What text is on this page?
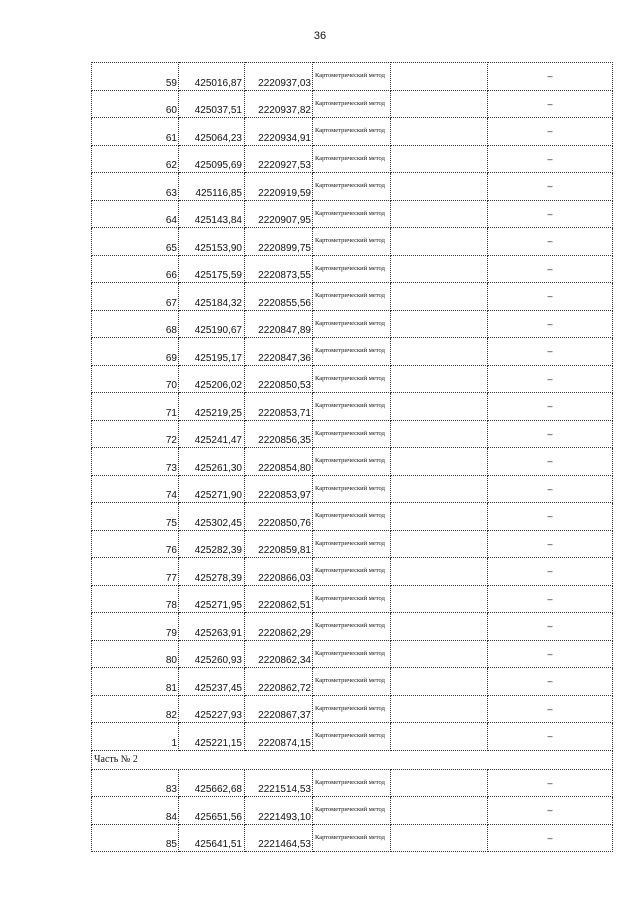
36
59	425016,87	2220937,03	Картометрический метод		–
60	425037,51	2220937,82	Картометрический метод		–
61	425064,23	2220934,91	Картометрический метод		–
62	425095,69	2220927,53	Картометрический метод		–
63	425116,85	2220919,59	Картометрический метод		–
64	425143,84	2220907,95	Картометрический метод		–
65	425153,90	2220899,75	Картометрический метод		–
66	425175,59	2220873,55	Картометрический метод		–
67	425184,32	2220855,56	Картометрический метод		–
68	425190,67	2220847,89	Картометрический метод		–
69	425195,17	2220847,36	Картометрический метод		–
70	425206,02	2220850,53	Картометрический метод		–
71	425219,25	2220853,71	Картометрический метод		–
72	425241,47	2220856,35	Картометрический метод		–
73	425261,30	2220854,80	Картометрический метод		–
74	425271,90	2220853,97	Картометрический метод		–
75	425302,45	2220850,76	Картометрический метод		–
76	425282,39	2220859,81	Картометрический метод		–
77	425278,39	2220866,03	Картометрический метод		–
78	425271,95	2220862,51	Картометрический метод		–
79	425263,91	2220862,29	Картометрический метод		–
80	425260,93	2220862,34	Картометрический метод		–
81	425237,45	2220862,72	Картометрический метод		–
82	425227,93	2220867,37	Картометрический метод		–
1	425221,15	2220874,15	Картометрический метод		–
Часть № 2					
83	425662,68	2221514,53	Картометрический метод		–
84	425651,56	2221493,10	Картометрический метод		–
85	425641,51	2221464,53	Картометрический метод		–
